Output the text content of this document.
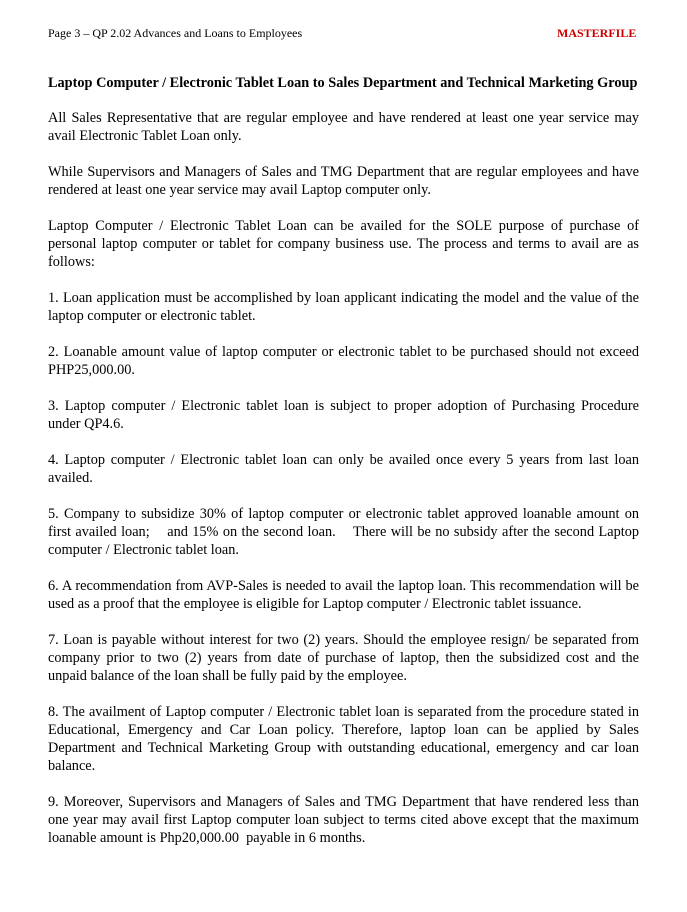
Page 3 – QP 2.02 Advances and Loans to Employees	MASTERFILE
Laptop Computer / Electronic Tablet Loan to Sales Department and Technical Marketing Group

All Sales Representative that are regular employee and have rendered at least one year service may avail Electronic Tablet Loan only.

While Supervisors and Managers of Sales and TMG Department that are regular employees and have rendered at least one year service may avail Laptop computer only.

Laptop Computer / Electronic Tablet Loan can be availed for the SOLE purpose of purchase of personal laptop computer or tablet for company business use. The process and terms to avail are as follows:

1. Loan application must be accomplished by loan applicant indicating the model and the value of the laptop computer or electronic tablet.

2. Loanable amount value of laptop computer or electronic tablet to be purchased should not exceed PHP25,000.00.

3. Laptop computer / Electronic tablet loan is subject to proper adoption of Purchasing Procedure under QP4.6.

4. Laptop computer / Electronic tablet loan can only be availed once every 5 years from last loan availed.

5. Company to subsidize 30% of laptop computer or electronic tablet approved loanable amount on first availed loan;    and 15% on the second loan.    There will be no subsidy after the second Laptop computer / Electronic tablet loan.

6. A recommendation from AVP-Sales is needed to avail the laptop loan. This recommendation will be used as a proof that the employee is eligible for Laptop computer / Electronic tablet issuance.

7. Loan is payable without interest for two (2) years. Should the employee resign/ be separated from company prior to two (2) years from date of purchase of laptop, then the subsidized cost and the unpaid balance of the loan shall be fully paid by the employee.

8. The availment of Laptop computer / Electronic tablet loan is separated from the procedure stated in Educational, Emergency and Car Loan policy. Therefore, laptop loan can be applied by Sales Department and Technical Marketing Group with outstanding educational, emergency and car loan balance.

9. Moreover, Supervisors and Managers of Sales and TMG Department that have rendered less than one year may avail first Laptop computer loan subject to terms cited above except that the maximum loanable amount is Php20,000.00  payable in 6 months.
